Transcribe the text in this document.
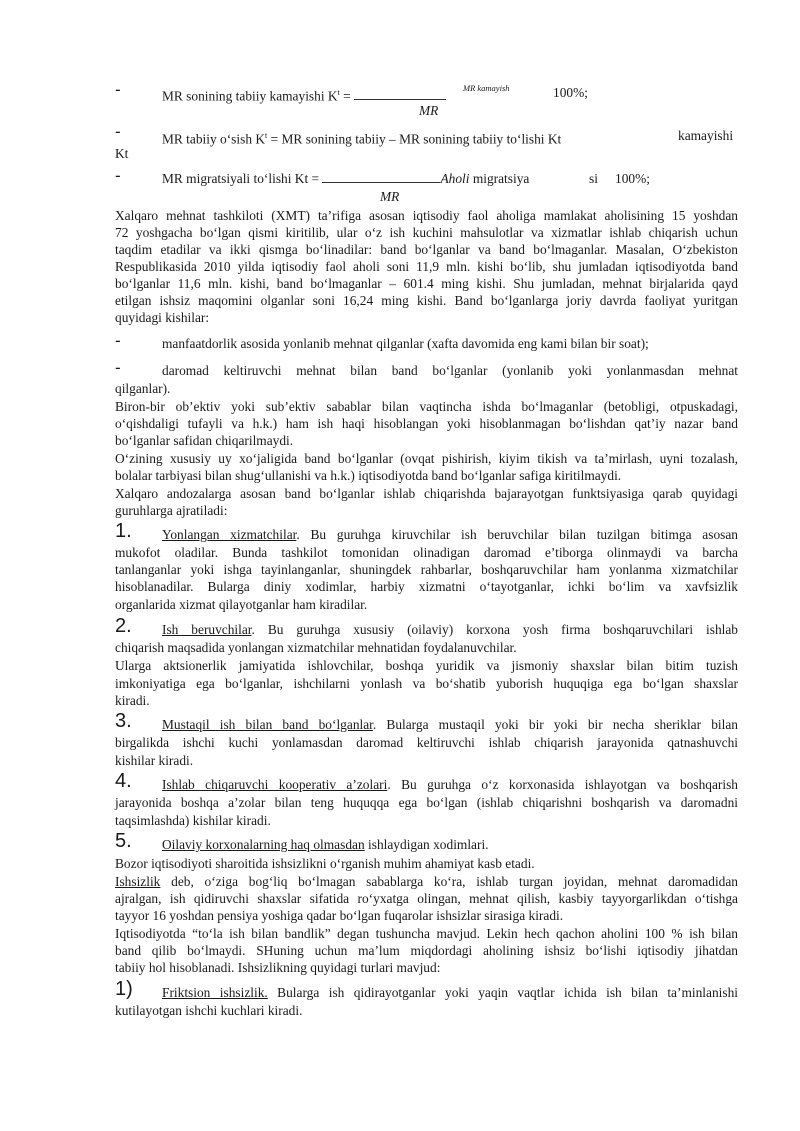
-	MR sonining tabiiy kamayishi $K^t$ =
MR kamayish	100%;
MR
-	MR tabiiy o‘sish $K^t$ = MR sonining tabiiy – MR sonining tabiiy to‘lishi Kt	kamayishi
Kt
-	MR migratsiyali to‘lishi Kt =	Aholi migratsiya	si 100%;
MR
Xalqaro mehnat tashkiloti (XMT) ta’rifiga asosan iqtisodiy faol aholiga mamlakat aholisining 15 yoshdan
72 yoshgacha bo‘lgan qismi kiritilib, ular o‘z ish kuchini mahsulotlar va xizmatlar ishlab chiqarish uchun
taqdim etadilar va ikki qismga bo‘linadilar: band bo‘lganlar va band bo‘lmaganlar. Masalan, O‘zbekiston
Respublikasida 2010 yilda iqtisodiy faol aholi soni 11,9 mln. kishi bo‘lib, shu jumladan iqtisodiyotda band
bo‘lganlar 11,6 mln. kishi, band bo‘lmaganlar – 601.4 ming kishi. Shu jumladan, mehnat birjalarida qayd
etilgan ishsiz maqomini olganlar soni 16,24 ming kishi. Band bo‘lganlarga joriy davrda faoliyat yuritgan
quyidagi kishilar:
-	manfaatdorlik asosida yonlanib mehnat qilganlar (xafta davomida eng kami bilan bir soat);
-	daromad keltiruvchi mehnat bilan band bo‘lganlar (yonlanib yoki yonlanmasdan mehnat
qilganlar).
Biron-bir ob’ektiv yoki sub’ektiv sabablar bilan vaqtincha ishda bo‘lmaganlar (betobligi, otpuskadagi,
o‘qishdaligi tufayli va h.k.) ham ish haqi hisoblangan yoki hisoblanmagan bo‘lishdan qat’iy nazar band
bo‘lganlar safidan chiqarilmaydi.
O‘zining xususiy uy xo‘jaligida band bo‘lganlar (ovqat pishirish, kiyim tikish va ta’mirlash, uyni tozalash,
bolalar tarbiyasi bilan shug‘ullanishi va h.k.) iqtisodiyotda band bo‘lganlar safiga kiritilmaydi.
Xalqaro andozalarga asosan band bo‘lganlar ishlab chiqarishda bajarayotgan funktsiyasiga qarab quyidagi
guruhlarga ajratiladi:
1. Yonlangan xizmatchilar. Bu guruhga kiruvchilar ish beruvchilar bilan tuzilgan bitimga asosan
mukofot oladilar. Bunda tashkilot tomonidan olinadigan daromad e’tiborga olinmaydi va barcha
tanlanganlar yoki ishga tayinlanganlar, shuningdek rahbarlar, boshqaruvchilar ham yonlanma xizmatchilar
hisoblanadilar. Bularga diniy xodimlar, harbiy xizmatni o‘tayotganlar, ichki bo‘lim va xavfsizlik
organlarida xizmat qilayotganlar ham kiradilar.
2. Ish beruvchilar. Bu guruhga xususiy (oilaviy) korxona yosh firma boshqaruvchilari ishlab
chiqarish maqsadida yonlangan xizmatchilar mehnatidan foydalanuvchilar.
Ularga aktsionerlik jamiyatida ishlovchilar, boshqa yuridik va jismoniy shaxslar bilan bitim tuzish
imkoniyatiga ega bo‘lganlar, ishchilarni yonlash va bo‘shatib yuborish huquqiga ega bo‘lgan shaxslar
kiradi.
3. Mustaqil ish bilan band bo‘lganlar. Bularga mustaqil yoki bir yoki bir necha sheriklar bilan
birgalikda ishchi kuchi yonlamasdan daromad keltiruvchi ishlab chiqarish jarayonida qatnashuvchi
kishilar kiradi.
4. Ishlab chiqaruvchi kooperativ a’zolari. Bu guruhga o‘z korxonasida ishlayotgan va boshqarish
jarayonida boshqa a’zolar bilan teng huquqqa ega bo‘lgan (ishlab chiqarishni boshqarish va daromadni
taqsimlashda) kishilar kiradi.
5. Oilaviy korxonalarning haq olmasdan ishlaydigan xodimlari.
Bozor iqtisodiyoti sharoitida ishsizlikni o‘rganish muhim ahamiyat kasb etadi.
Ishsizlik deb, o‘ziga bog‘liq bo‘lmagan sabablarga ko‘ra, ishlab turgan joyidan, mehnat daromadidan
ajralgan, ish qidiruvchi shaxslar sifatida ro‘yxatga olingan, mehnat qilish, kasbiy tayyorgarlikdan o‘tishga
tayyor 16 yoshdan pensiya yoshiga qadar bo‘lgan fuqarolar ishsizlar sirasiga kiradi.
Iqtisodiyotda “to‘la ish bilan bandlik” degan tushuncha mavjud. Lekin hech qachon aholini 100 % ish bilan
band qilib bo‘lmaydi. SHuning uchun ma’lum miqdordagi aholining ishsiz bo‘lishi iqtisodiy jihatdan
tabiiy hol hisoblanadi. Ishsizlikning quyidagi turlari mavjud:
1) Friktsion ishsizlik. Bularga ish qidirayotganlar yoki yaqin vaqtlar ichida ish bilan ta’minlanishi
kutilayotgan ishchi kuchlari kiradi.
